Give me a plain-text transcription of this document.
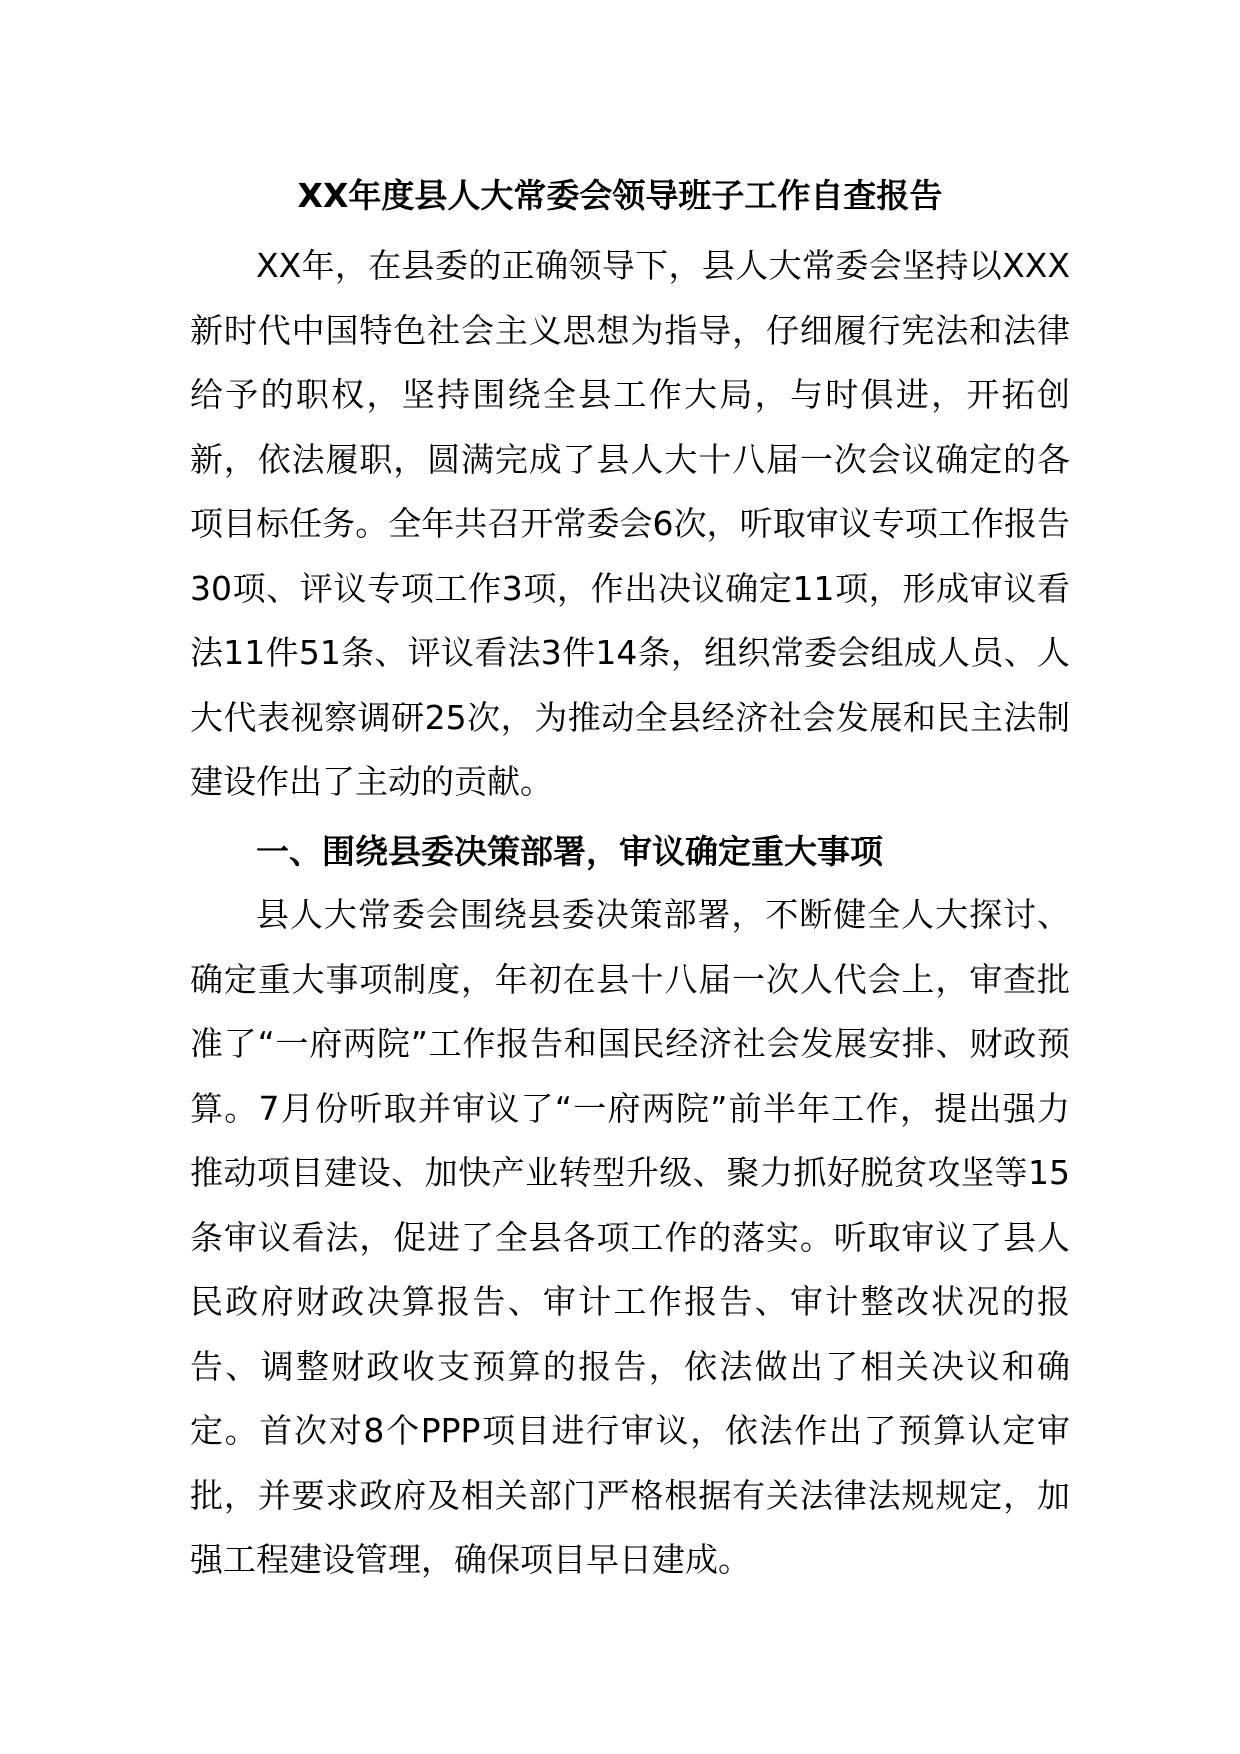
XX年度县人大常委会领导班子工作自查报告

XX年，在县委的正确领导下，县人大常委会坚持以XXX新时代中国特色社会主义思想为指导，仔细履行宪法和法律给予的职权，坚持围绕全县工作大局，与时俱进，开拓创新，依法履职，圆满完成了县人大十八届一次会议确定的各项目标任务。全年共召开常委会6次，听取审议专项工作报告30项、评议专项工作3项，作出决议确定11项，形成审议看法11件51条、评议看法3件14条，组织常委会组成人员、人大代表视察调研25次，为推动全县经济社会发展和民主法制建设作出了主动的贡献。

一、围绕县委决策部署，审议确定重大事项

县人大常委会围绕县委决策部署，不断健全人大探讨、确定重大事项制度，年初在县十八届一次人代会上，审查批准了“一府两院”工作报告和国民经济社会发展安排、财政预算。7月份听取并审议了“一府两院”前半年工作，提出强力推动项目建设、加快产业转型升级、聚力抓好脱贫攻坚等15条审议看法，促进了全县各项工作的落实。听取审议了县人民政府财政决算报告、审计工作报告、审计整改状况的报告、调整财政收支预算的报告，依法做出了相关决议和确定。首次对8个PPP项目进行审议，依法作出了预算认定审批，并要求政府及相关部门严格根据有关法律法规规定，加强工程建设管理，确保项目早日建成。
